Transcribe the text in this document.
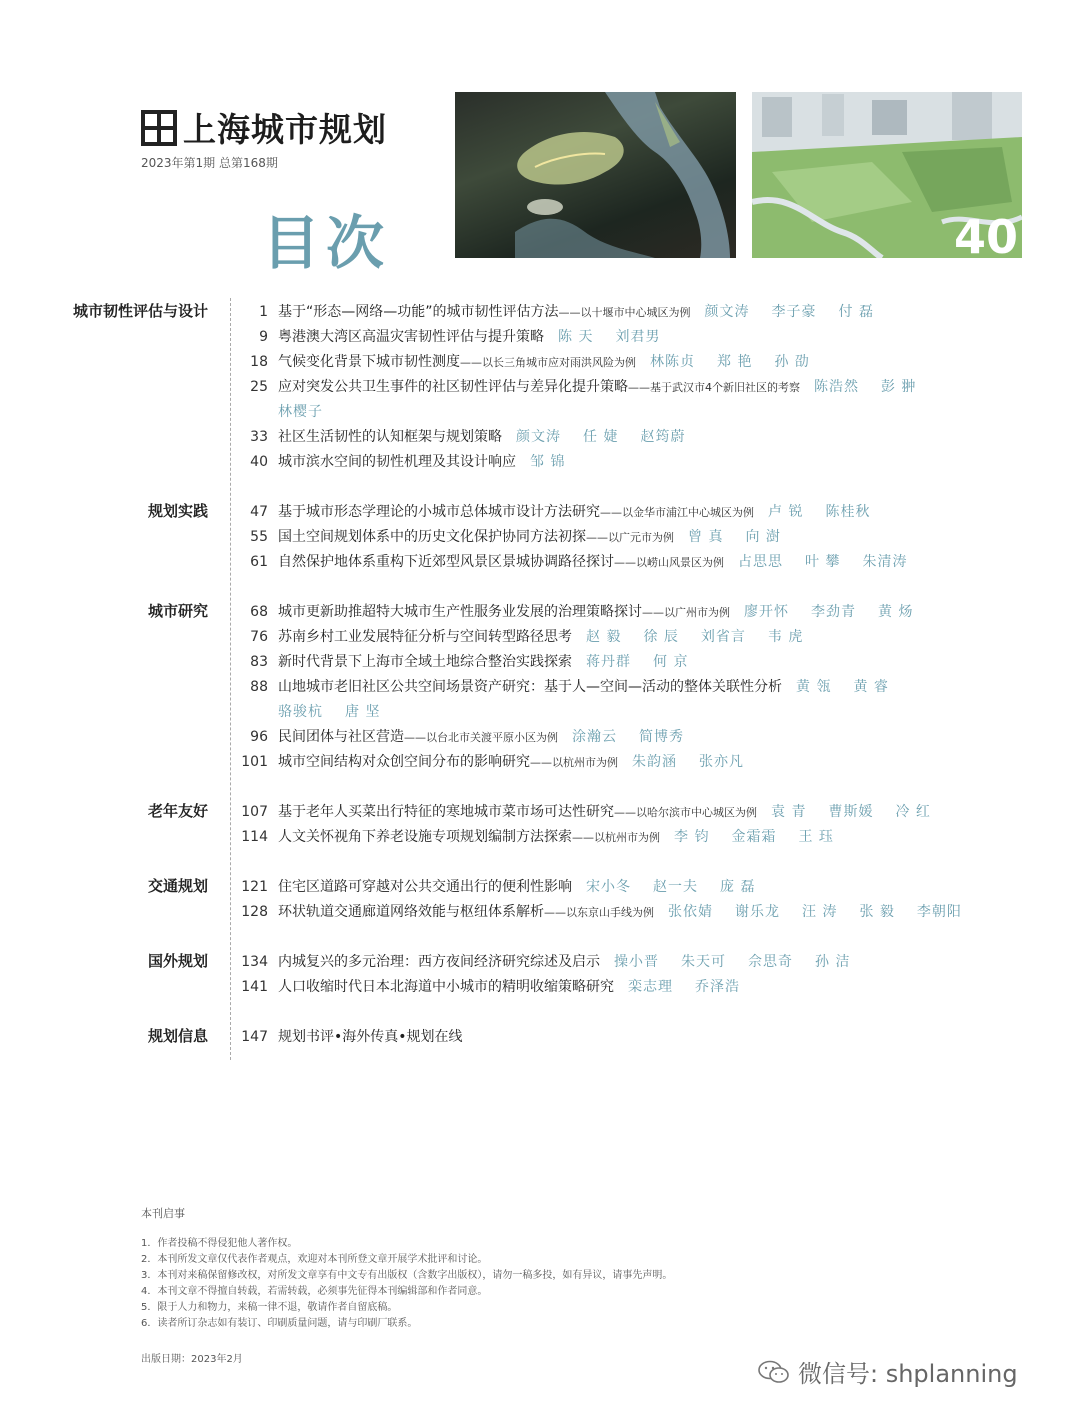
上海城市规划
2023年第1期 总第168期
目次	40
城市韧性评估与设计	1 基于“形态—网络—功能”的城市韧性评估方法——以十堰市中心城区为例 颜文涛 李子豪 付 磊
9 粤港澳大湾区高温灾害韧性评估与提升策略 陈 天 刘君男
18 气候变化背景下城市韧性测度——以长三角城市应对雨洪风险为例 林陈贞 郑 艳 孙 劭
25 应对突发公共卫生事件的社区韧性评估与差异化提升策略——基于武汉市4个新旧社区的考察 陈浩然 彭 翀
林樱子
33 社区生活韧性的认知框架与规划策略 颜文涛 任 婕 赵筠蔚
40 城市滨水空间的韧性机理及其设计响应 邹 锦
规划实践	47 基于城市形态学理论的小城市总体城市设计方法研究——以金华市浦江中心城区为例 卢 锐 陈桂秋
55 国土空间规划体系中的历史文化保护协同方法初探——以广元市为例 曾 真 向 澍
61 自然保护地体系重构下近郊型风景区景城协调路径探讨——以崂山风景区为例 占思思 叶 攀 朱清涛
城市研究	68 城市更新助推超特大城市生产性服务业发展的治理策略探讨——以广州市为例 廖开怀 李劲青 黄 炀
76 苏南乡村工业发展特征分析与空间转型路径思考 赵 毅 徐 辰 刘省言 韦 虎
83 新时代背景下上海市全域土地综合整治实践探索 蒋丹群 何 京
88 山地城市老旧社区公共空间场景资产研究：基于人—空间—活动的整体关联性分析 黄 瓴 黄 睿
骆骏杭 唐 坚
96 民间团体与社区营造——以台北市关渡平原小区为例 涂瀚云 简博秀
101 城市空间结构对众创空间分布的影响研究——以杭州市为例 朱韵涵 张亦凡
老年友好	107 基于老年人买菜出行特征的寒地城市菜市场可达性研究——以哈尔滨市中心城区为例 袁 青 曹斯媛 冷 红
114 人文关怀视角下养老设施专项规划编制方法探索——以杭州市为例 李 钧 金霜霜 王 珏
交通规划	121 住宅区道路可穿越对公共交通出行的便利性影响 宋小冬 赵一夫 庞 磊
128 环状轨道交通廊道网络效能与枢纽体系解析——以东京山手线为例 张依婧 谢乐龙 汪 涛 张 毅 李朝阳
国外规划	134 内城复兴的多元治理：西方夜间经济研究综述及启示 操小晋 朱天可 佘思奇 孙 洁
141 人口收缩时代日本北海道中小城市的精明收缩策略研究 栾志理 乔泽浩
规划信息	147 规划书评•海外传真•规划在线
本刊启事
1．作者投稿不得侵犯他人著作权。
2．本刊所发文章仅代表作者观点，欢迎对本刊所登文章开展学术批评和讨论。
3．本刊对来稿保留修改权，对所发文章享有中文专有出版权（含数字出版权），请勿一稿多投，如有异议，请事先声明。
4．本刊文章不得擅自转载，若需转载，必须事先征得本刊编辑部和作者同意。
5．限于人力和物力，来稿一律不退，敬请作者自留底稿。
6．读者所订杂志如有装订、印刷质量问题，请与印刷厂联系。
出版日期：2023年2月
微信号: shplanning
